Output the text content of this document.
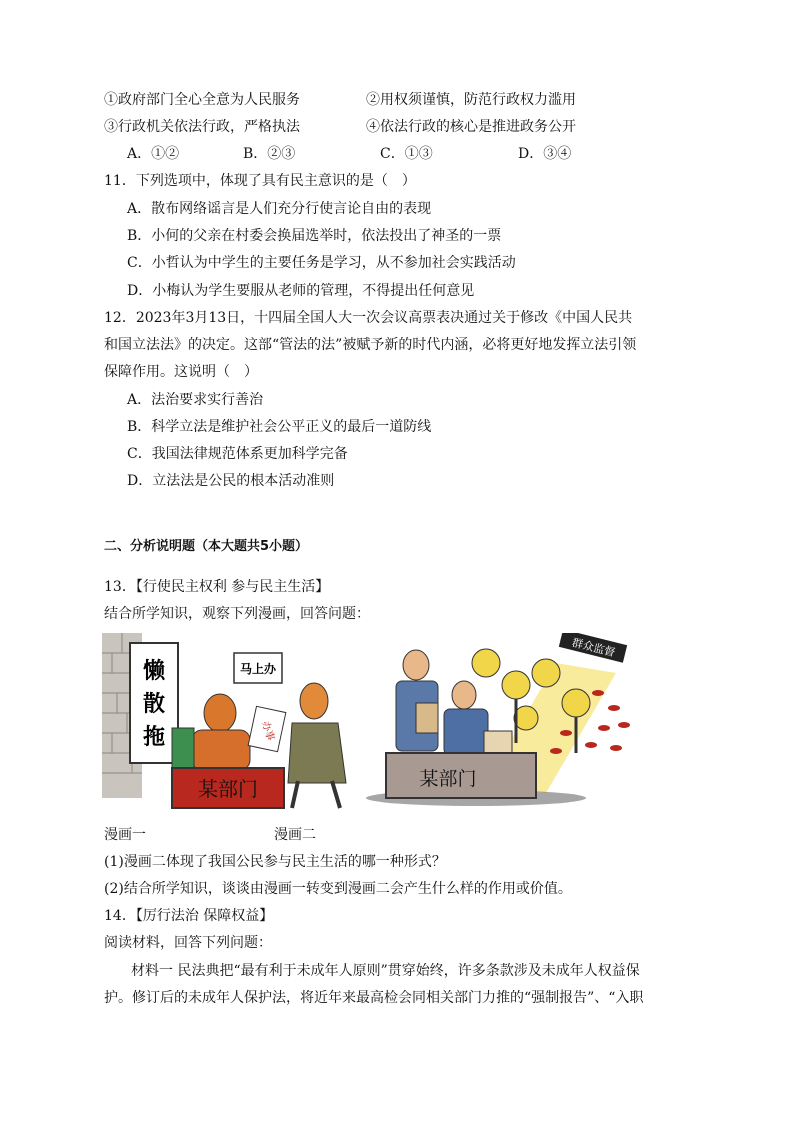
①政府部门全心全意为人民服务	②用权须谨慎，防范行政权力滥用
③行政机关依法行政，严格执法	④依法行政的核心是推进政务公开
A．①②	B．②③	C．①③	D．③④
11．下列选项中，体现了具有民主意识的是（　）
A．散布网络谣言是人们充分行使言论自由的表现
B．小何的父亲在村委会换届选举时，依法投出了神圣的一票
C．小哲认为中学生的主要任务是学习，从不参加社会实践活动
D．小梅认为学生要服从老师的管理，不得提出任何意见
12．2023年3月13日，十四届全国人大一次会议高票表决通过关于修改《中国人民共
和国立法法》的决定。这部“管法的法”被赋予新的时代内涵，必将更好地发挥立法引领
保障作用。这说明（　）
A．法治要求实行善治
B．科学立法是维护社会公平正义的最后一道防线
C．我国法律规范体系更加科学完备
D．立法法是公民的根本活动准则
二、分析说明题（本大题共5小题）
13．【行使民主权利 参与民主生活】
结合所学知识，观察下列漫画，回答问题：
懒
散
拖
马上办
办事
某部门
群众监督
某部门
漫画一	漫画二
(1)漫画二体现了我国公民参与民主生活的哪一种形式？
(2)结合所学知识，谈谈由漫画一转变到漫画二会产生什么样的作用或价值。
14．【厉行法治 保障权益】
阅读材料，回答下列问题：
材料一 民法典把“最有利于未成年人原则”贯穿始终，许多条款涉及未成年人权益保
护。修订后的未成年人保护法，将近年来最高检会同相关部门力推的“强制报告”、“入职
